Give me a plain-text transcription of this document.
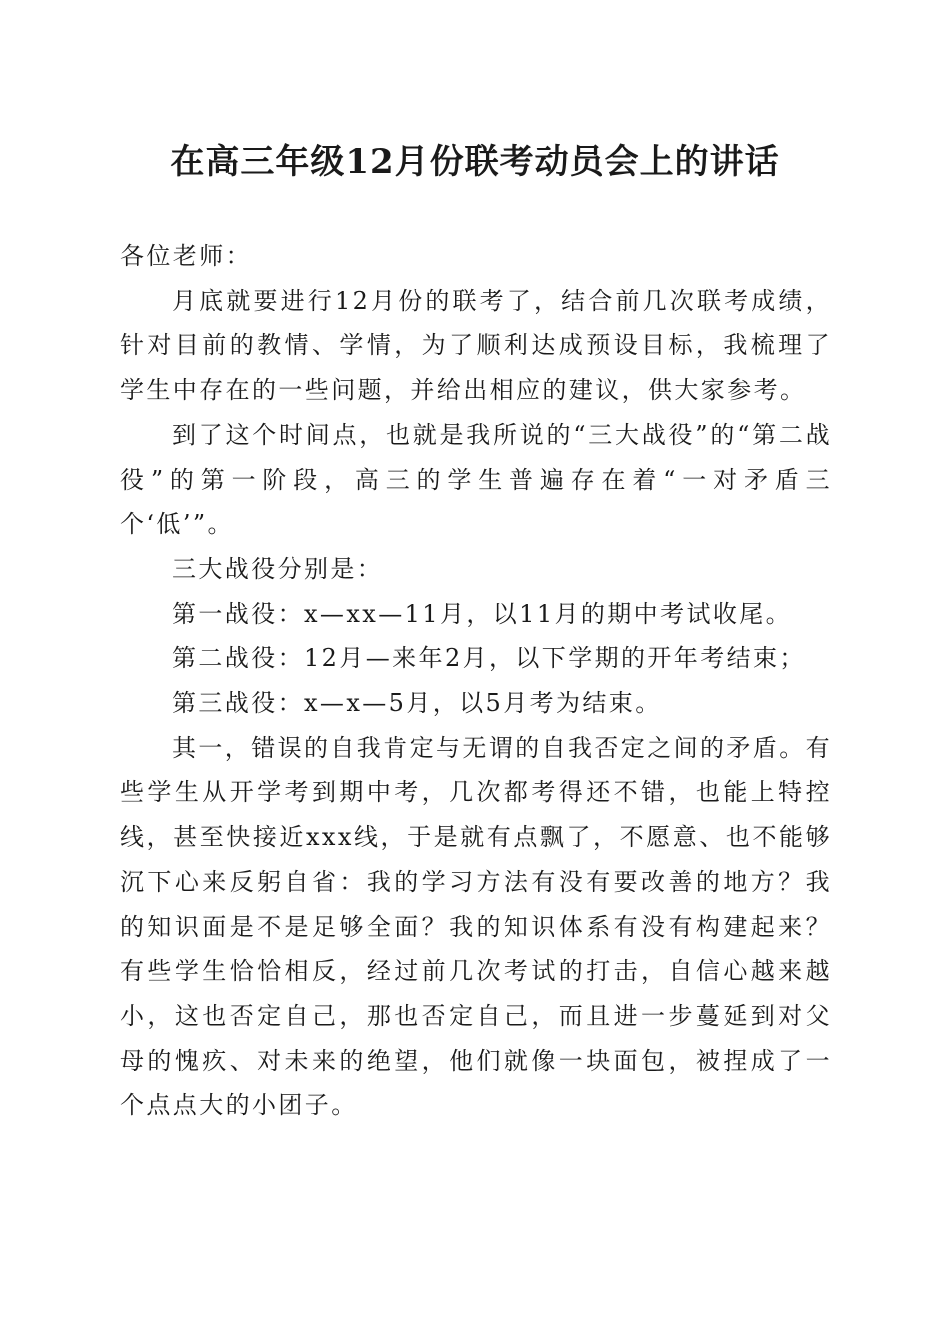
在高三年级12月份联考动员会上的讲话

各位老师：

月底就要进行12月份的联考了，结合前几次联考成绩，针对目前的教情、学情，为了顺利达成预设目标，我梳理了学生中存在的一些问题，并给出相应的建议，供大家参考。

到了这个时间点，也就是我所说的“三大战役”的“第二战役”的第一阶段，高三的学生普遍存在着“一对矛盾三个‘低’”。

三大战役分别是：

第一战役：x—xx—11月，以11月的期中考试收尾。

第二战役：12月—来年2月，以下学期的开年考结束；

第三战役：x—x—5月，以5月考为结束。

其一，错误的自我肯定与无谓的自我否定之间的矛盾。有些学生从开学考到期中考，几次都考得还不错，也能上特控线，甚至快接近xxx线，于是就有点飘了，不愿意、也不能够沉下心来反躬自省：我的学习方法有没有要改善的地方？我的知识面是不是足够全面？我的知识体系有没有构建起来？有些学生恰恰相反，经过前几次考试的打击，自信心越来越小，这也否定自己，那也否定自己，而且进一步蔓延到对父母的愧疚、对未来的绝望，他们就像一块面包，被捏成了一个点点大的小团子。
